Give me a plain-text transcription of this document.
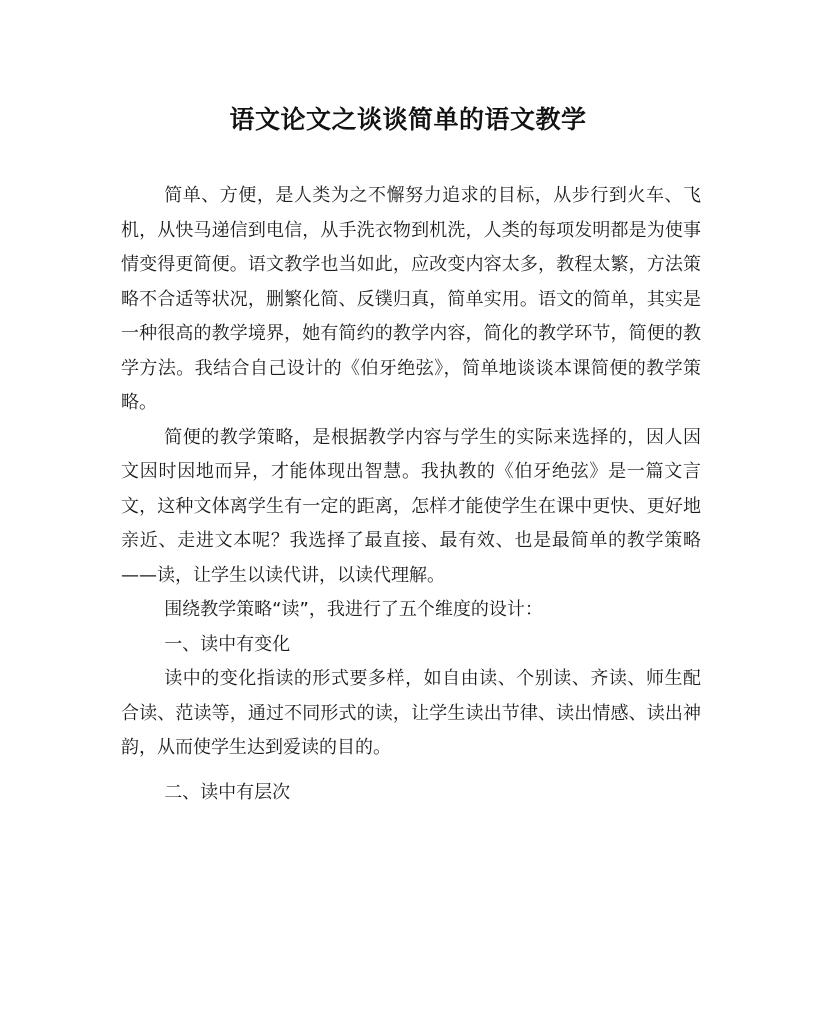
语文论文之谈谈简单的语文教学

简单、方便，是人类为之不懈努力追求的目标，从步行到火车、飞机，从快马递信到电信，从手洗衣物到机洗，人类的每项发明都是为使事情变得更简便。语文教学也当如此，应改变内容太多，教程太繁，方法策略不合适等状况，删繁化简、反镤归真，简单实用。语文的简单，其实是一种很高的教学境界，她有简约的教学内容，简化的教学环节，简便的教学方法。我结合自己设计的《伯牙绝弦》，简单地谈谈本课简便的教学策略。

简便的教学策略，是根据教学内容与学生的实际来选择的，因人因文因时因地而异，才能体现出智慧。我执教的《伯牙绝弦》是一篇文言文，这种文体离学生有一定的距离，怎样才能使学生在课中更快、更好地亲近、走进文本呢？我选择了最直接、最有效、也是最简单的教学策略——读，让学生以读代讲，以读代理解。

围绕教学策略“读”，我进行了五个维度的设计：

一、读中有变化

读中的变化指读的形式要多样，如自由读、个别读、齐读、师生配合读、范读等，通过不同形式的读，让学生读出节律、读出情感、读出神韵，从而使学生达到爱读的目的。

二、读中有层次
